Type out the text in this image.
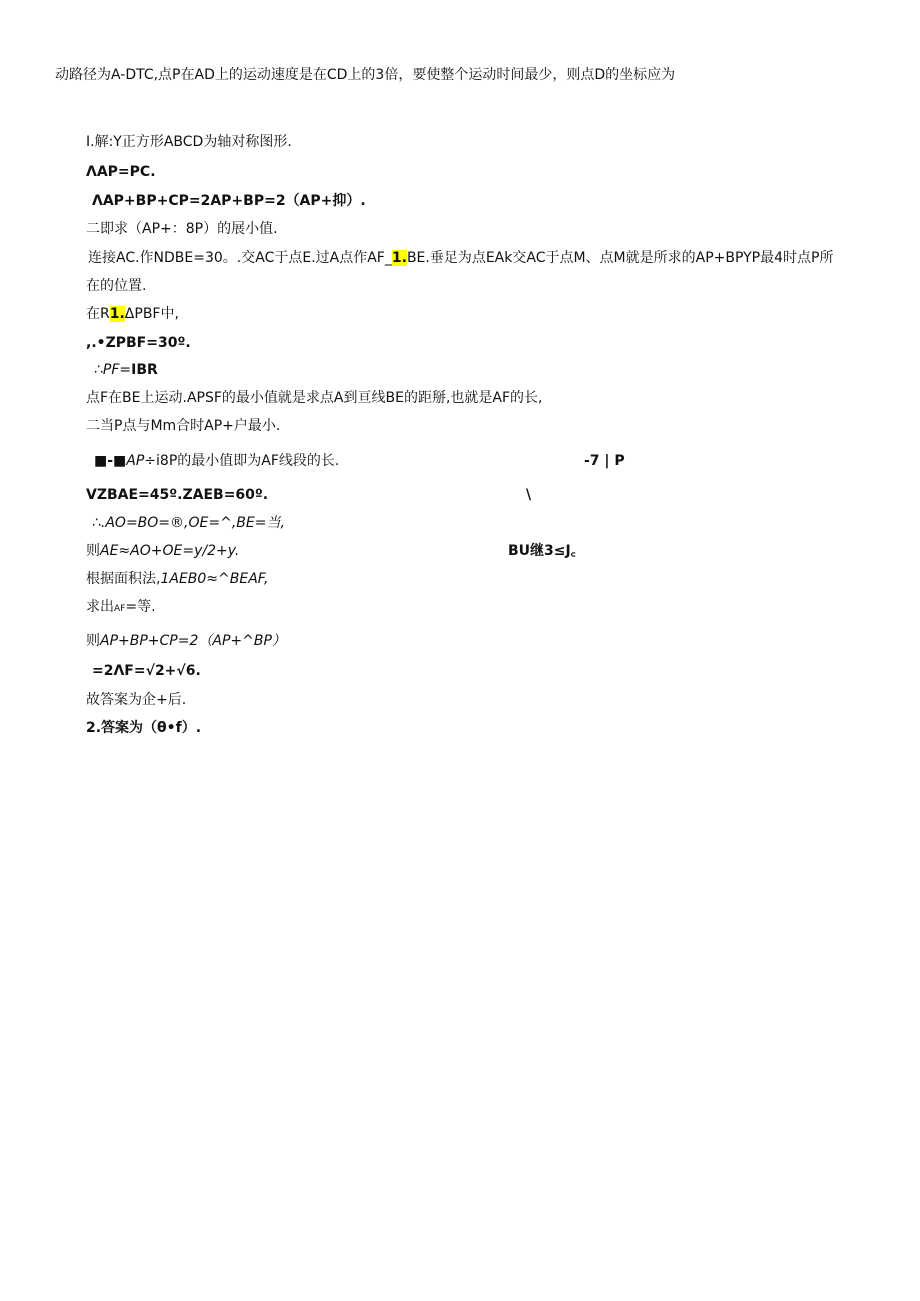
动路径为A-DTC,点P在AD上的运动速度是在CD上的3倍，要使整个运动时间最少，则点D的坐标应为
I.解:Y正方形ABCD为轴对称图形.
ΛAP=PC.
ΛAP+BP+CP=2AP+BP=2（AP+抑）.
二即求（AP+：8P）的展小值.
连接AC.作NDBE=30。.交AC于点E.过A点作AF_1.BE.垂足为点EAk交AC于点M、点M就是所求的AP+BPYP最4时点P所
在的位置.
在R1.ΔPBF中,
,.•ZPBF=30º.
∴PF=IBR
点F在BE上运动.APSF的最小值就是求点A到亘线BE的距掰,也就是AF的长,
二当P点与Mm合时AP+户最小.
■-■AP÷i8P的最小值即为AF线段的长.	-7 | P
VZBAE=45º.ZAEB=60º.	\
∴.AO=BO=®,OE=^,BE=当,
则AE≈AO+OE=y/2+y.	BU继3≤J꜀
根据面积法,1AEB0≈^BEAF,
求出AF=等.
则AP+BP+CP=2（AP+^BP）
=2ΛF=√2+√6.
故答案为企+后.
2.答案为（θ•f）.
